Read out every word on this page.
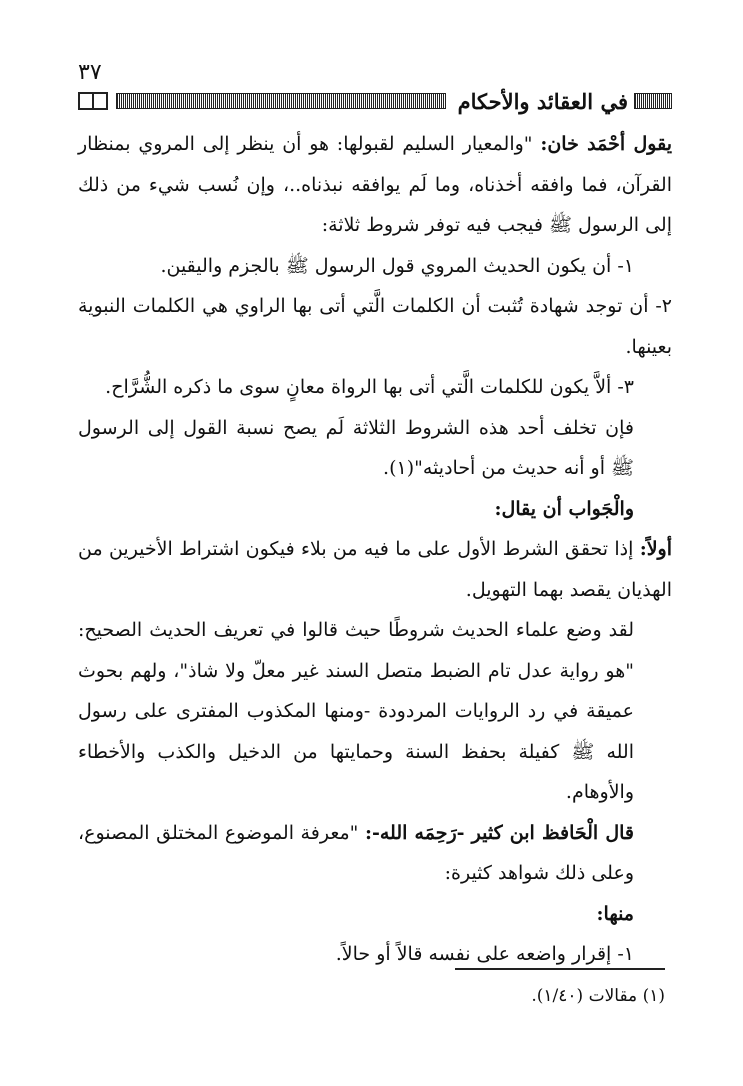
٣٧
في العقائد والأحكام

يقول أحْمَد خان: "والمعيار السليم لقبولها: هو أن ينظر إلى المروي بمنظار القرآن، فما وافقه أخذناه، وما لَم يوافقه نبذناه..، وإن نُسب شيء من ذلك إلى الرسول ﷺ فيجب فيه توفر شروط ثلاثة:

١- أن يكون الحديث المروي قول الرسول ﷺ بالجزم واليقين.

٢- أن توجد شهادة تُثبت أن الكلمات الَّتي أتى بها الراوي هي الكلمات النبوية بعينها.

٣- ألاَّ يكون للكلمات الَّتي أتى بها الرواة معانٍ سوى ما ذكره الشُّرَّاح.

فإن تخلف أحد هذه الشروط الثلاثة لَم يصح نسبة القول إلى الرسول ﷺ أو أنه حديث من أحاديثه"(١).

والْجَواب أن يقال:

أولاً: إذا تحقق الشرط الأول على ما فيه من بلاء فيكون اشتراط الأخيرين من الهذيان يقصد بهما التهويل.

لقد وضع علماء الحديث شروطًا حيث قالوا في تعريف الحديث الصحيح: "هو رواية عدل تام الضبط متصل السند غير معلّ ولا شاذ"، ولهم بحوث عميقة في رد الروايات المردودة -ومنها المكذوب المفترى على رسول الله ﷺ كفيلة بحفظ السنة وحمايتها من الدخيل والكذب والأخطاء والأوهام.

قال الْحَافظ ابن كثير -رَحِمَه الله-: "معرفة الموضوع المختلق المصنوع، وعلى ذلك شواهد كثيرة:

منها:

١- إقرار واضعه على نفسه قالاً أو حالاً.

(١) مقالات (١/٤٠).
